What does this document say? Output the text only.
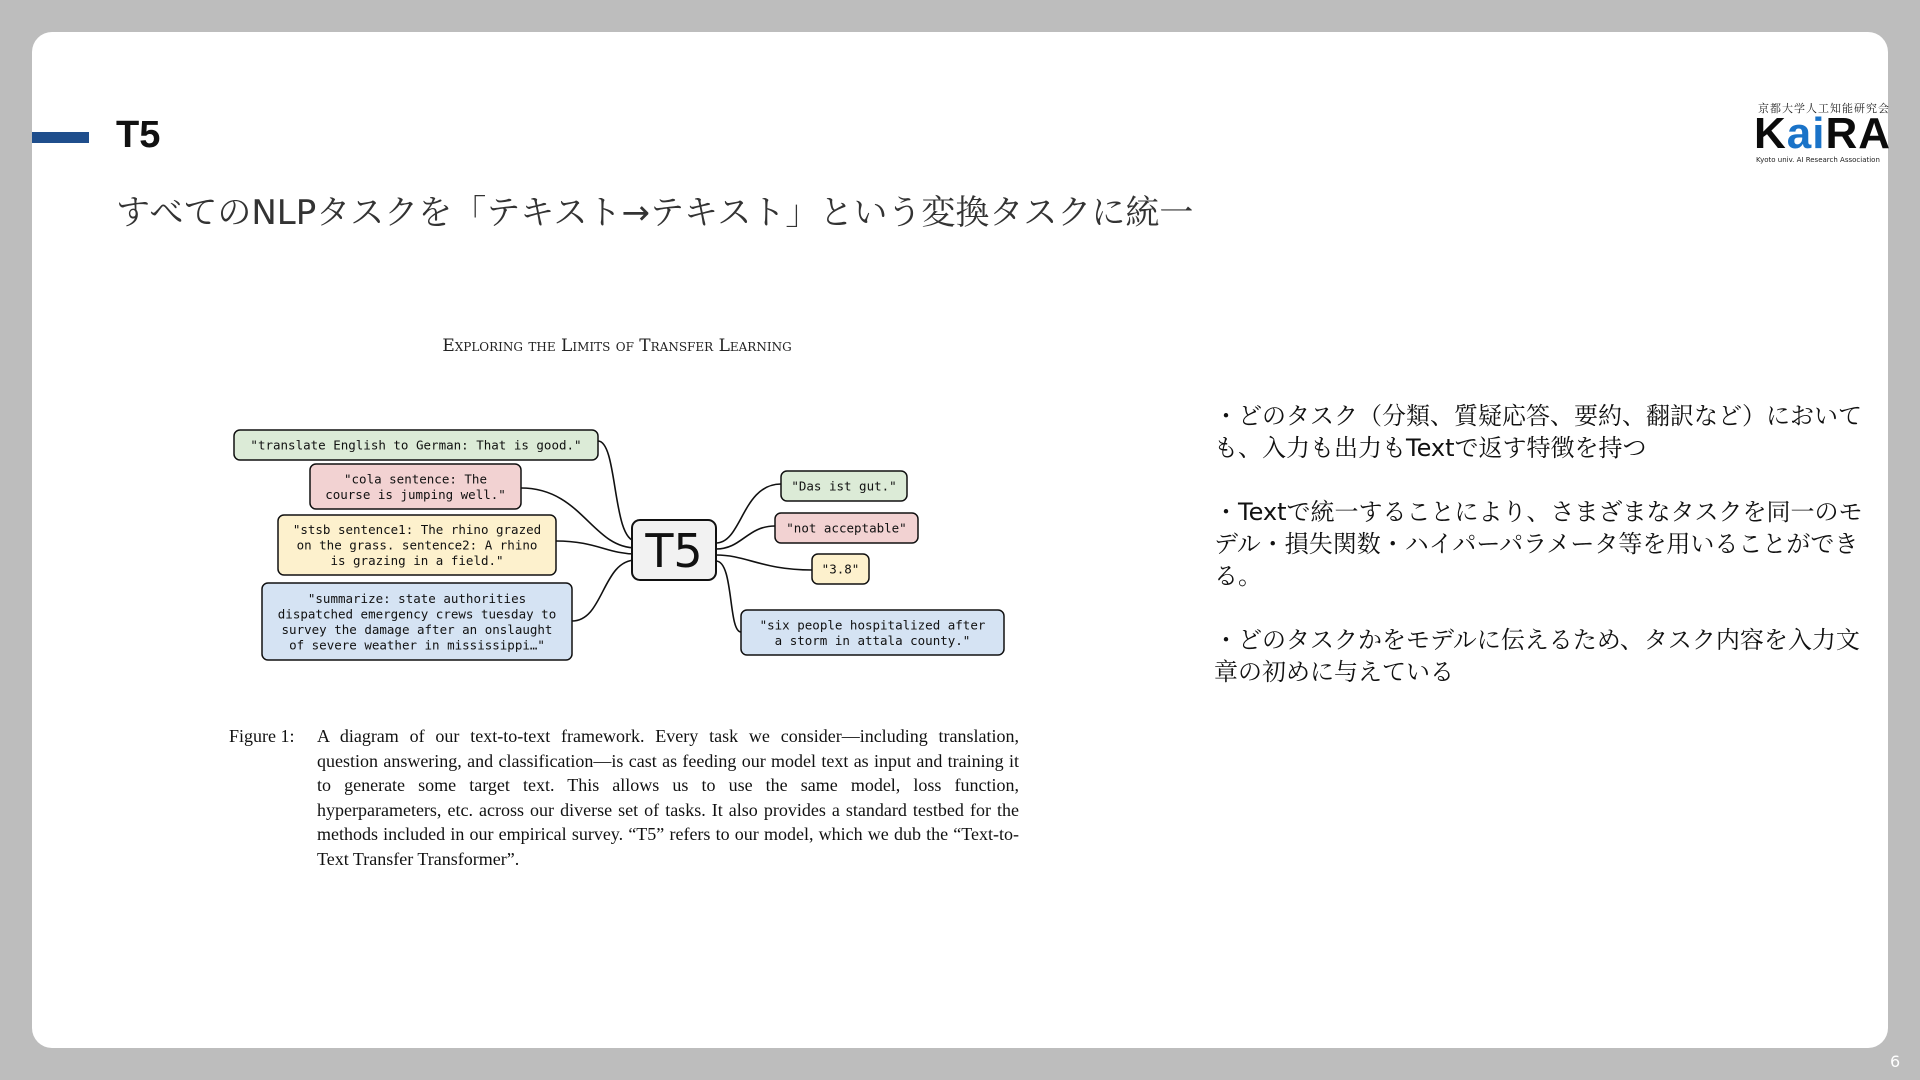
T5

すべてのNLPタスクを「テキスト→テキスト」という変換タスクに統一

京都大学人工知能研究会
KaiRA
Kyoto univ. AI Research Association
Exploring the Limits of Transfer Learning
"translate English to German: That is good."
"cola sentence: The
course is jumping well."
"stsb sentence1: The rhino grazed
on the grass. sentence2: A rhino
is grazing in a field."
"summarize: state authorities
dispatched emergency crews tuesday to
survey the damage after an onslaught
of severe weather in mississippi…"
"Das ist gut."
"not acceptable"
"3.8"
"six people hospitalized after
a storm in attala county."
T5
Figure 1: A diagram of our text-to-text framework. Every task we consider—including translation, question answering, and classification—is cast as feeding our model text as input and training it to generate some target text. This allows us to use the same model, loss function, hyperparameters, etc. across our diverse set of tasks. It also provides a standard testbed for the methods included in our empirical survey. “T5” refers to our model, which we dub the “Text-to-Text Transfer Transformer”.

・どのタスク（分類、質疑応答、要約、翻訳など）においても、入力も出力もTextで返す特徴を持つ

・Textで統一することにより、さまざまなタスクを同一のモデル・損失関数・ハイパーパラメータ等を用いることができる。

・どのタスクかをモデルに伝えるため、タスク内容を入力文章の初めに与えている

6
